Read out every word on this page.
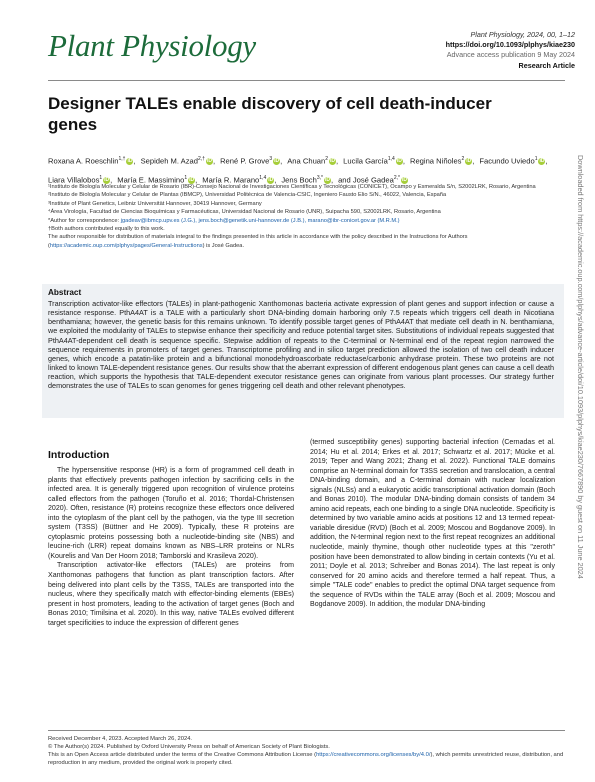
Plant Physiology	Plant Physiology, 2024, 00, 1–12
https://doi.org/10.1093/plphys/kiae230
Advance access publication 9 May 2024
Research Article
Designer TALEs enable discovery of cell death-inducer genes
Roxana A. Roeschlin$^{1,\dagger}$ iD, Sepideh M. Azad$^{2,\dagger}$ iD, René P. Grove$^3$ iD, Ana Chuan$^2$ iD, Lucila García$^{1,4}$ iD, Regina Niñoles$^2$ iD, Facundo Uviedo$^1$ iD,Liara Villalobos$^1$ iD, María E. Massimino$^1$ iD, María R. Marano$^{1,4}$ iD, Jens Boch$^{3,*}$ iD, and José Gadea$^{2,*}$ iD
¹Instituto de Biología Molecular y Celular de Rosario (IBR)-Consejo Nacional de Investigaciones Científicas y Tecnológicas (CONICET), Ocampo y Esmeralda S/n, S2002LRK, Rosario, Argentina
²Instituto de Biología Molecular y Celular de Plantas (IBMCP), Universidad Politécnica de Valencia-CSIC, Ingeniero Fausto Elio S/N., 46022, Valencia, España
³Institute of Plant Genetics, Leibniz Universität Hannover, 30419 Hannover, Germany
⁴Área Virología, Facultad de Ciencias Bioquímicas y Farmacéuticas, Universidad Nacional de Rosario (UNR), Suipacha 590, S2002LRK, Rosario, Argentina
*Author for correspondence: jgadeav@ibmcp.upv.es (J.G.), jens.boch@genetik.uni-hannover.de (J.B.), marano@ibr-conicet.gov.ar (M.R.M.)
†Both authors contributed equally to this work.
The author responsible for distribution of materials integral to the findings presented in this article in accordance with the policy described in the Instructions for Authors (https://academic.oup.com/plphys/pages/General-Instructions) is José Gadea.
Abstract
Transcription activator-like effectors (TALEs) in plant-pathogenic Xanthomonas bacteria activate expression of plant genes and support infection or cause a resistance response. PthA4AT is a TALE with a particularly short DNA-binding domain harboring only 7.5 repeats which triggers cell death in Nicotiana benthamiana; however, the genetic basis for this remains unknown. To identify possible target genes of PthA4AT that mediate cell death in N. benthamiana, we exploited the modularity of TALEs to stepwise enhance their specificity and reduce potential target sites. Substitutions of individual repeats suggested that PthA4AT-dependent cell death is sequence specific. Stepwise addition of repeats to the C-terminal or N-terminal end of the repeat region narrowed the sequence requirements in promoters of target genes. Transcriptome profiling and in silico target prediction allowed the isolation of two cell death inducer genes, which encode a patatin-like protein and a bifunctional monodehydroascorbate reductase/carbonic anhydrase protein. These two proteins are not linked to known TALE-dependent resistance genes. Our results show that the aberrant expression of different endogenous plant genes can cause a cell death reaction, which supports the hypothesis that TALE-dependent executor resistance genes can originate from various plant processes. Our strategy further demonstrates the use of TALEs to scan genomes for genes triggering cell death and other relevant phenotypes.
Introduction

The hypersensitive response (HR) is a form of programmed cell death in plants that effectively prevents pathogen infection by sacrificing cells in the infected area. It is generally triggered upon recognition of virulence proteins called effectors from the pathogen (Toruño et al. 2016; Thordal-Christensen 2020). Often, resistance (R) proteins recognize these effectors once delivered into the cytoplasm of the plant cell by the pathogen, via the type III secretion system (T3SS) (Büttner and He 2009). Typically, these R proteins are cytoplasmic proteins possessing both a nucleotide-binding site (NBS) and leucine-rich (LRR) repeat domains known as NBS–LRR proteins or NLRs (Kourelis and Van Der Hoorn 2018; Tamborski and Krasileva 2020).

Transcription activator-like effectors (TALEs) are proteins from Xanthomonas pathogens that function as plant transcription factors. After being delivered into plant cells by the T3SS, TALEs are transported into the nucleus, where they specifically match with effector-binding elements (EBEs) present in host promoters, leading to the activation of target genes (Boch and Bonas 2010; Timilsina et al. 2020). In this way, native TALEs evolved different target specificities to induce the expression of different genes

(termed susceptibility genes) supporting bacterial infection (Cernadas et al. 2014; Hu et al. 2014; Erkes et al. 2017; Schwartz et al. 2017; Mücke et al. 2019; Teper and Wang 2021; Zhang et al. 2022). Functional TALE domains comprise an N-terminal domain for T3SS secretion and translocation, a central DNA-binding domain, and a C-terminal domain with nuclear localization signals (NLSs) and a eukaryotic acidic transcriptional activation domain (Boch and Bonas 2010). The modular DNA-binding domain consists of tandem 34 amino acid repeats, each one binding to a single DNA nucleotide. Specificity is determined by two variable amino acids at positions 12 and 13 termed repeat-variable diresidue (RVD) (Boch et al. 2009; Moscou and Bogdanove 2009). In addition, the N-terminal region next to the first repeat recognizes an additional nucleotide, mainly thymine, though other nucleotide types at this "zeroth" position have been demonstrated to allow binding in certain contexts (Yu et al. 2011; Doyle et al. 2013; Schreiber and Bonas 2014). The last repeat is only conserved for 20 amino acids and therefore termed a half repeat. Thus, a simple "TALE code" enables to predict the optimal DNA target sequence from the sequence of RVDs within the TALE array (Boch et al. 2009; Moscou and Bogdanove 2009). In addition, the modular DNA-binding

Downloaded from https://academic.oup.com/plphys/advance-article/doi/10.1093/plphys/kiae230/7667890 by guest on 11 June 2024
Received December 4, 2023. Accepted March 26, 2024.
© The Author(s) 2024. Published by Oxford University Press on behalf of American Society of Plant Biologists.
This is an Open Access article distributed under the terms of the Creative Commons Attribution License (https://creativecommons.org/licenses/by/4.0/), which permits unrestricted reuse, distribution, and reproduction in any medium, provided the original work is properly cited.
